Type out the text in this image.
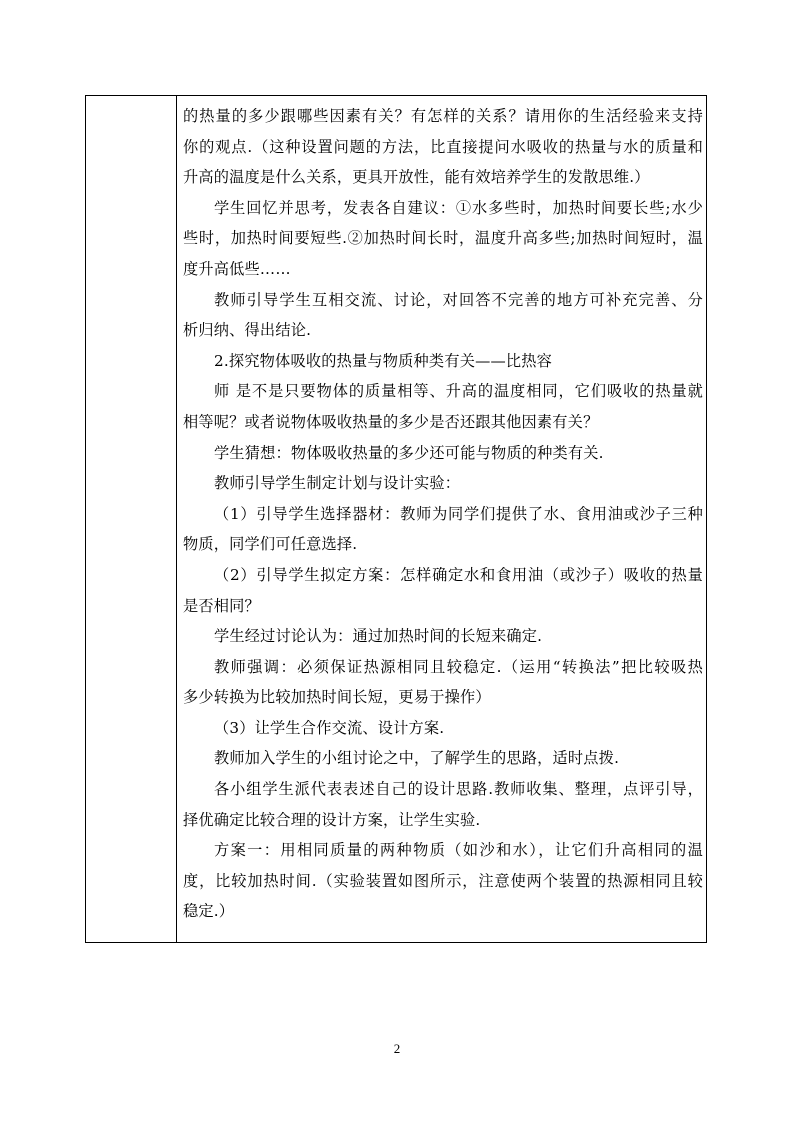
的热量的多少跟哪些因素有关？有怎样的关系？请用你的生活经验来支持
你的观点.（这种设置问题的方法，比直接提问水吸收的热量与水的质量和
升高的温度是什么关系，更具开放性，能有效培养学生的发散思维.）
学生回忆并思考，发表各自建议：①水多些时，加热时间要长些;水少
些时，加热时间要短些.②加热时间长时，温度升高多些;加热时间短时，温
度升高低些……
教师引导学生互相交流、讨论，对回答不完善的地方可补充完善、分
析归纳、得出结论.
2.探究物体吸收的热量与物质种类有关——比热容
师 是不是只要物体的质量相等、升高的温度相同，它们吸收的热量就
相等呢？或者说物体吸收热量的多少是否还跟其他因素有关？
学生猜想：物体吸收热量的多少还可能与物质的种类有关.
教师引导学生制定计划与设计实验：
（1）引导学生选择器材：教师为同学们提供了水、食用油或沙子三种
物质，同学们可任意选择.
（2）引导学生拟定方案：怎样确定水和食用油（或沙子）吸收的热量
是否相同？
学生经过讨论认为：通过加热时间的长短来确定.
教师强调：必须保证热源相同且较稳定.（运用“转换法”把比较吸热
多少转换为比较加热时间长短，更易于操作）
（3）让学生合作交流、设计方案.
教师加入学生的小组讨论之中，了解学生的思路，适时点拨.
各小组学生派代表表述自己的设计思路.教师收集、整理，点评引导，
择优确定比较合理的设计方案，让学生实验.
方案一：用相同质量的两种物质（如沙和水），让它们升高相同的温
度，比较加热时间.（实验装置如图所示，注意使两个装置的热源相同且较
稳定.）
2
